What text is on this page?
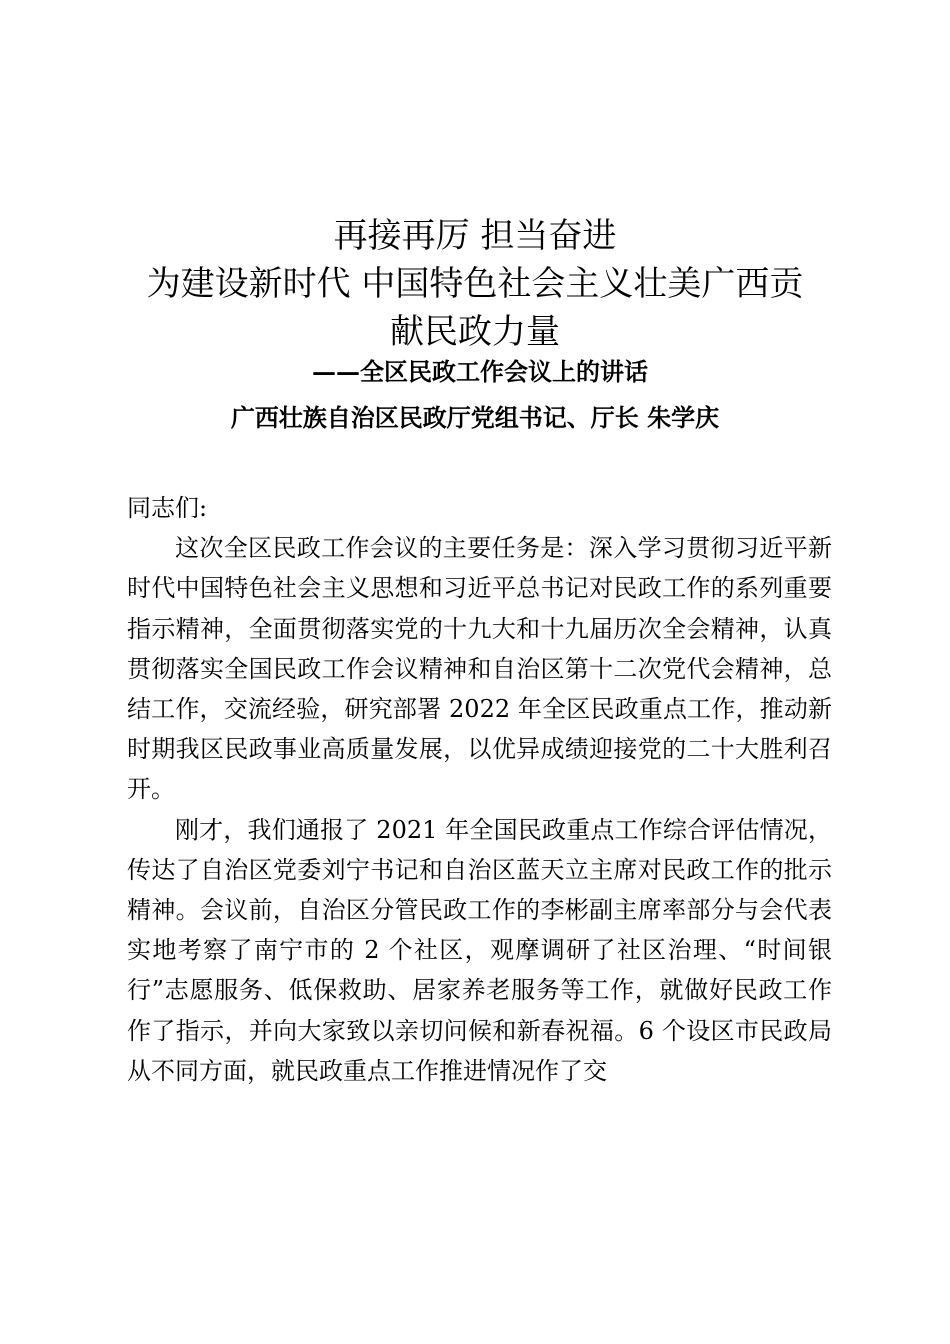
再接再厉 担当奋进
为建设新时代 中国特色社会主义壮美广西贡
献民政力量
——全区民政工作会议上的讲话
广西壮族自治区民政厅党组书记、厅长 朱学庆

同志们:

这次全区民政工作会议的主要任务是：深入学习贯彻习近平新时代中国特色社会主义思想和习近平总书记对民政工作的系列重要指示精神，全面贯彻落实党的十九大和十九届历次全会精神，认真贯彻落实全国民政工作会议精神和自治区第十二次党代会精神，总结工作，交流经验，研究部署 2022 年全区民政重点工作，推动新时期我区民政事业高质量发展，以优异成绩迎接党的二十大胜利召开。

刚才，我们通报了 2021 年全国民政重点工作综合评估情况，传达了自治区党委刘宁书记和自治区蓝天立主席对民政工作的批示精神。会议前，自治区分管民政工作的李彬副主席率部分与会代表实地考察了南宁市的 2 个社区，观摩调研了社区治理、“时间银行”志愿服务、低保救助、居家养老服务等工作，就做好民政工作作了指示，并向大家致以亲切问候和新春祝福。6 个设区市民政局从不同方面，就民政重点工作推进情况作了交
